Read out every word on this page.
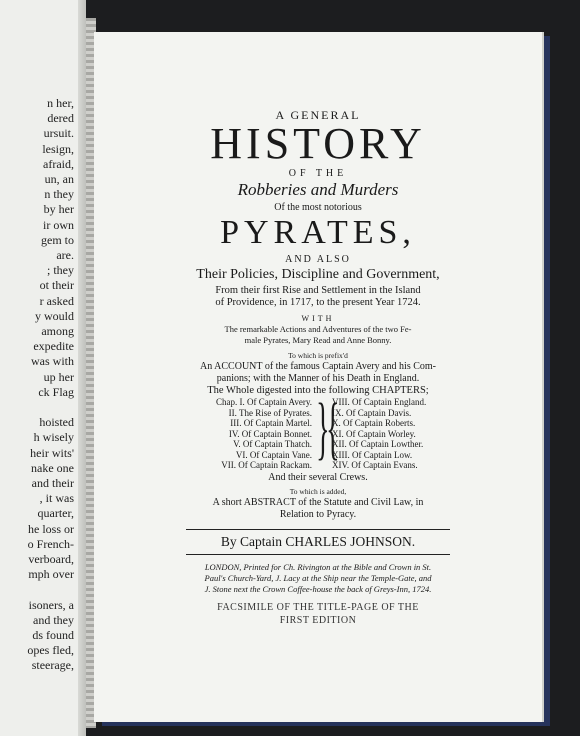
n her,
dered
ursuit.
lesign,
afraid,
un, an
n they
by her
ir own
gem to
are.
; they
ot their
r asked
y would
among
expedite
was with
up her
ck Flag
hoisted
h wisely
heir wits'
nake one
and their
, it was
quarter,
he loss or
o French-
verboard,
mph over
isoners, a
and they
ds found
opes fled,
steerage,
A GENERAL
HISTORY
OF THE
Robberies and Murders
Of the most notorious
PYRATES,
AND ALSO
Their Policies, Discipline and Government,
From their first Rise and Settlement in the Island
of Providence, in 1717, to the present Year 1724.
WITH
The remarkable Actions and Adventures of the two Fe-
male Pyrates, Mary Read and Anne Bonny.
To which is prefix'd
An ACCOUNT of the famous Captain Avery and his Com-
panions; with the Manner of his Death in England.
The Whole digested into the following CHAPTERS;
Chap. I. Of Captain Avery.
II. The Rise of Pyrates.
III. Of Captain Martel.
IV. Of Captain Bonnet.
V. Of Captain Thatch.
VI. Of Captain Vane.
VII. Of Captain Rackam. }
{
VIII. Of Captain England.
IX. Of Captain Davis.
X. Of Captain Roberts.
XI. Of Captain Worley.
XII. Of Captain Lowther.
XIII. Of Captain Low.
XIV. Of Captain Evans.
And their several Crews.
To which is added,
A short ABSTRACT of the Statute and Civil Law, in
Relation to Pyracy.
By Captain CHARLES JOHNSON.
LONDON, Printed for Ch. Rivington at the Bible and Crown in St.
Paul's Church-Yard, J. Lacy at the Ship near the Temple-Gate, and
J. Stone next the Crown Coffee-house the back of Greys-Inn, 1724.
FACSIMILE OF THE TITLE-PAGE OF THE
FIRST EDITION
